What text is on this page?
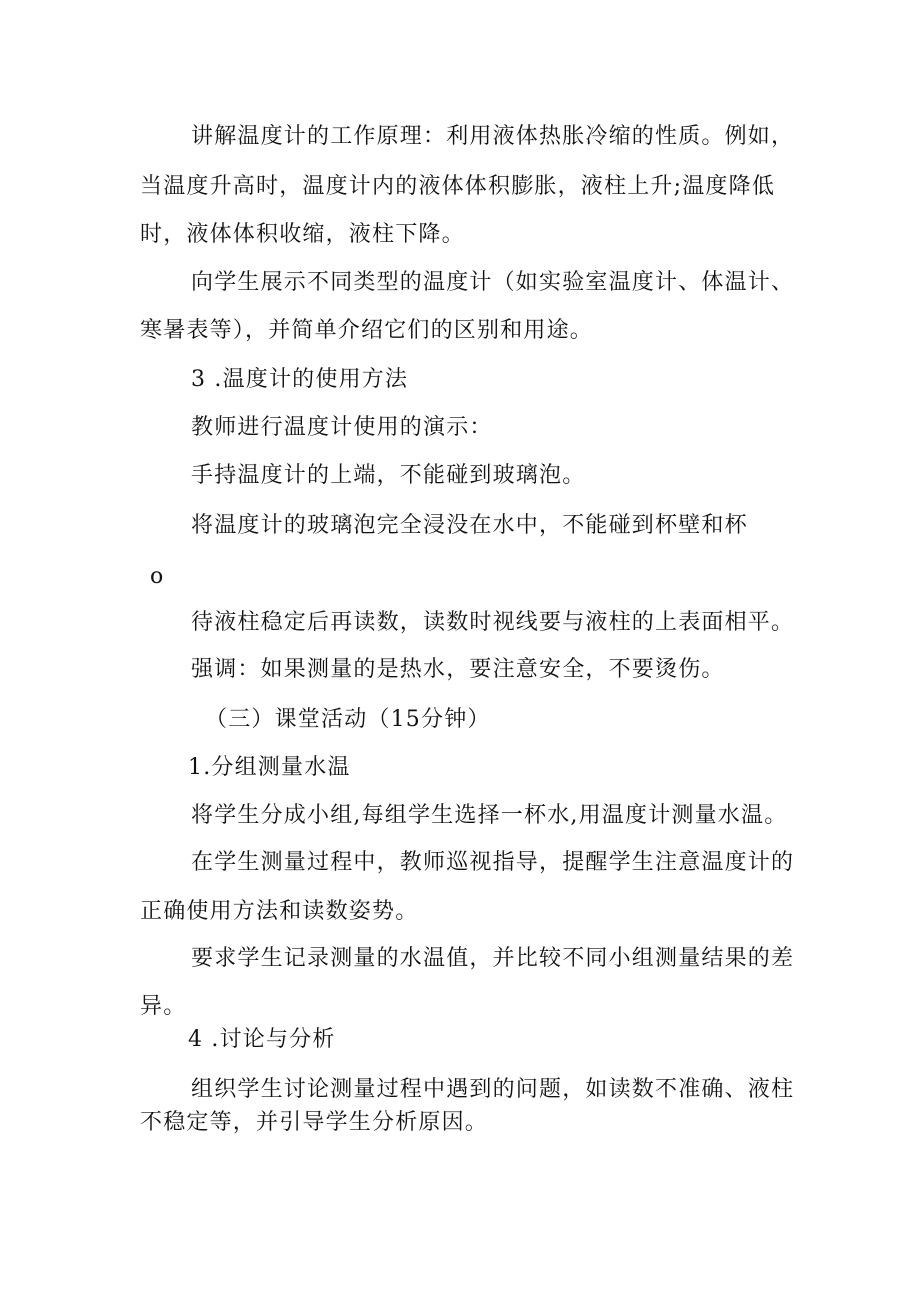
讲解温度计的工作原理：利用液体热胀冷缩的性质。例如，
当温度升高时，温度计内的液体体积膨胀，液柱上升;温度降低
时，液体体积收缩，液柱下降。
向学生展示不同类型的温度计（如实验室温度计、体温计、
寒暑表等），并简单介绍它们的区别和用途。
3 .温度计的使用方法
教师进行温度计使用的演示：
手持温度计的上端，不能碰到玻璃泡。
将温度计的玻璃泡完全浸没在水中，不能碰到杯壁和杯
o
待液柱稳定后再读数，读数时视线要与液柱的上表面相平。
强调：如果测量的是热水，要注意安全，不要烫伤。
（三）课堂活动（15分钟）
1.分组测量水温
将学生分成小组,每组学生选择一杯水,用温度计测量水温。
在学生测量过程中，教师巡视指导，提醒学生注意温度计的
正确使用方法和读数姿势。
要求学生记录测量的水温值，并比较不同小组测量结果的差
异。
4 .讨论与分析
组织学生讨论测量过程中遇到的问题，如读数不准确、液柱
不稳定等，并引导学生分析原因。
